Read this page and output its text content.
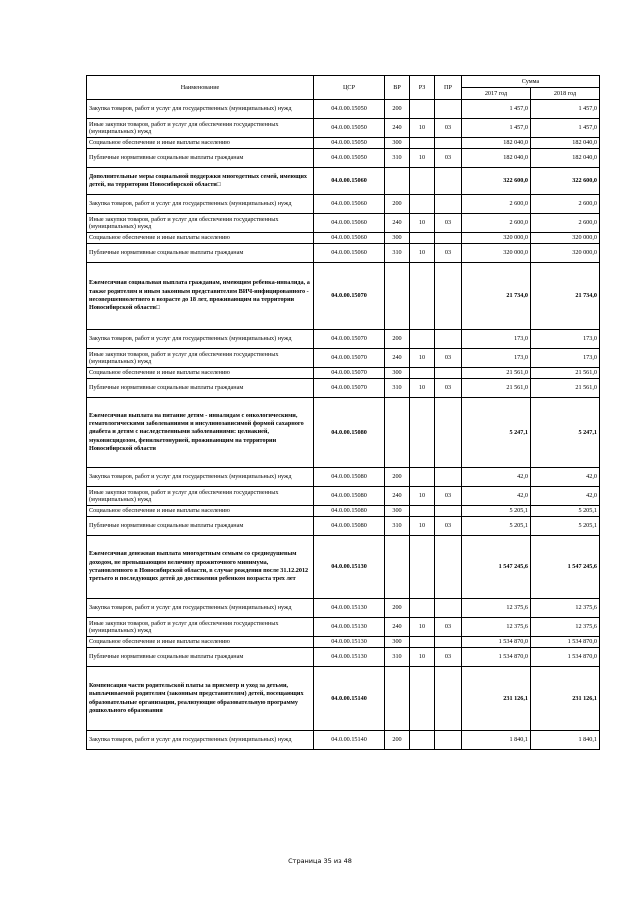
Наименование	ЦСР	ВР	РЗ	ПР	Сумма	
					2017 год	2018 год
Закупка товаров, работ и услуг для государственных (муниципальных) нужд	04.0.00.15050	200			1 457,0	1 457,0
Иные закупки товаров, работ и услуг для обеспечения государственных (муниципальных) нужд	04.0.00.15050	240	10	03	1 457,0	1 457,0
Социальное обеспечение и иные выплаты населению	04.0.00.15050	300			182 040,0	182 040,0
Публичные нормативные социальные выплаты гражданам	04.0.00.15050	310	10	03	182 040,0	182 040,0
Дополнительные меры социальной поддержки многодетных семей, имеющих детей, на территории Новосибирской области□	04.0.00.15060				322 600,0	322 600,0
Закупка товаров, работ и услуг для государственных (муниципальных) нужд	04.0.00.15060	200			2 600,0	2 600,0
Иные закупки товаров, работ и услуг для обеспечения государственных (муниципальных) нужд	04.0.00.15060	240	10	03	2 600,0	2 600,0
Социальное обеспечение и иные выплаты населению	04.0.00.15060	300			320 000,0	320 000,0
Публичные нормативные социальные выплаты гражданам	04.0.00.15060	310	10	03	320 000,0	320 000,0
Ежемесячная социальная выплата гражданам, имеющим ребенка-инвалида, а также родителям и иным законным представителям ВИЧ-инфицированного - несовершеннолетнего в возрасте до 18 лет, проживающим на территории Новосибирской области□	04.0.00.15070				21 734,0	21 734,0
Закупка товаров, работ и услуг для государственных (муниципальных) нужд	04.0.00.15070	200			173,0	173,0
Иные закупки товаров, работ и услуг для обеспечения государственных (муниципальных) нужд	04.0.00.15070	240	10	03	173,0	173,0
Социальное обеспечение и иные выплаты населению	04.0.00.15070	300			21 561,0	21 561,0
Публичные нормативные социальные выплаты гражданам	04.0.00.15070	310	10	03	21 561,0	21 561,0
Ежемесячная выплата на питание детям - инвалидам с онкологическими, гематологическими заболеваниями и инсулинозависимой формой сахарного диабета и детям с наследственными заболеваниями: целиакией, муковисцидозом, фенилкетонурией, проживающим на территории Новосибирской области	04.0.00.15080				5 247,1	5 247,1
Закупка товаров, работ и услуг для государственных (муниципальных) нужд	04.0.00.15080	200			42,0	42,0
Иные закупки товаров, работ и услуг для обеспечения государственных (муниципальных) нужд	04.0.00.15080	240	10	03	42,0	42,0
Социальное обеспечение и иные выплаты населению	04.0.00.15080	300			5 205,1	5 205,1
Публичные нормативные социальные выплаты гражданам	04.0.00.15080	310	10	03	5 205,1	5 205,1
Ежемесячная денежная выплата многодетным семьям со среднедушевым доходом, не превышающим величину прожиточного минимума, установленного в Новосибирской области, в случае рождения после 31.12.2012 третьего и последующих детей до достижения ребенком возраста трех лет	04.0.00.15130				1 547 245,6	1 547 245,6
Закупка товаров, работ и услуг для государственных (муниципальных) нужд	04.0.00.15130	200			12 375,6	12 375,6
Иные закупки товаров, работ и услуг для обеспечения государственных (муниципальных) нужд	04.0.00.15130	240	10	03	12 375,6	12 375,6
Социальное обеспечение и иные выплаты населению	04.0.00.15130	300			1 534 870,0	1 534 870,0
Публичные нормативные социальные выплаты гражданам	04.0.00.15130	310	10	03	1 534 870,0	1 534 870,0
Компенсация части родительской платы за присмотр и уход за детьми, выплачиваемой родителям (законным представителям) детей, посещающих образовательные организации, реализующие образовательную программу дошкольного образования	04.0.00.15140				231 126,1	231 126,1
Закупка товаров, работ и услуг для государственных (муниципальных) нужд	04.0.00.15140	200			1 840,1	1 840,1
Страница 35 из 48
